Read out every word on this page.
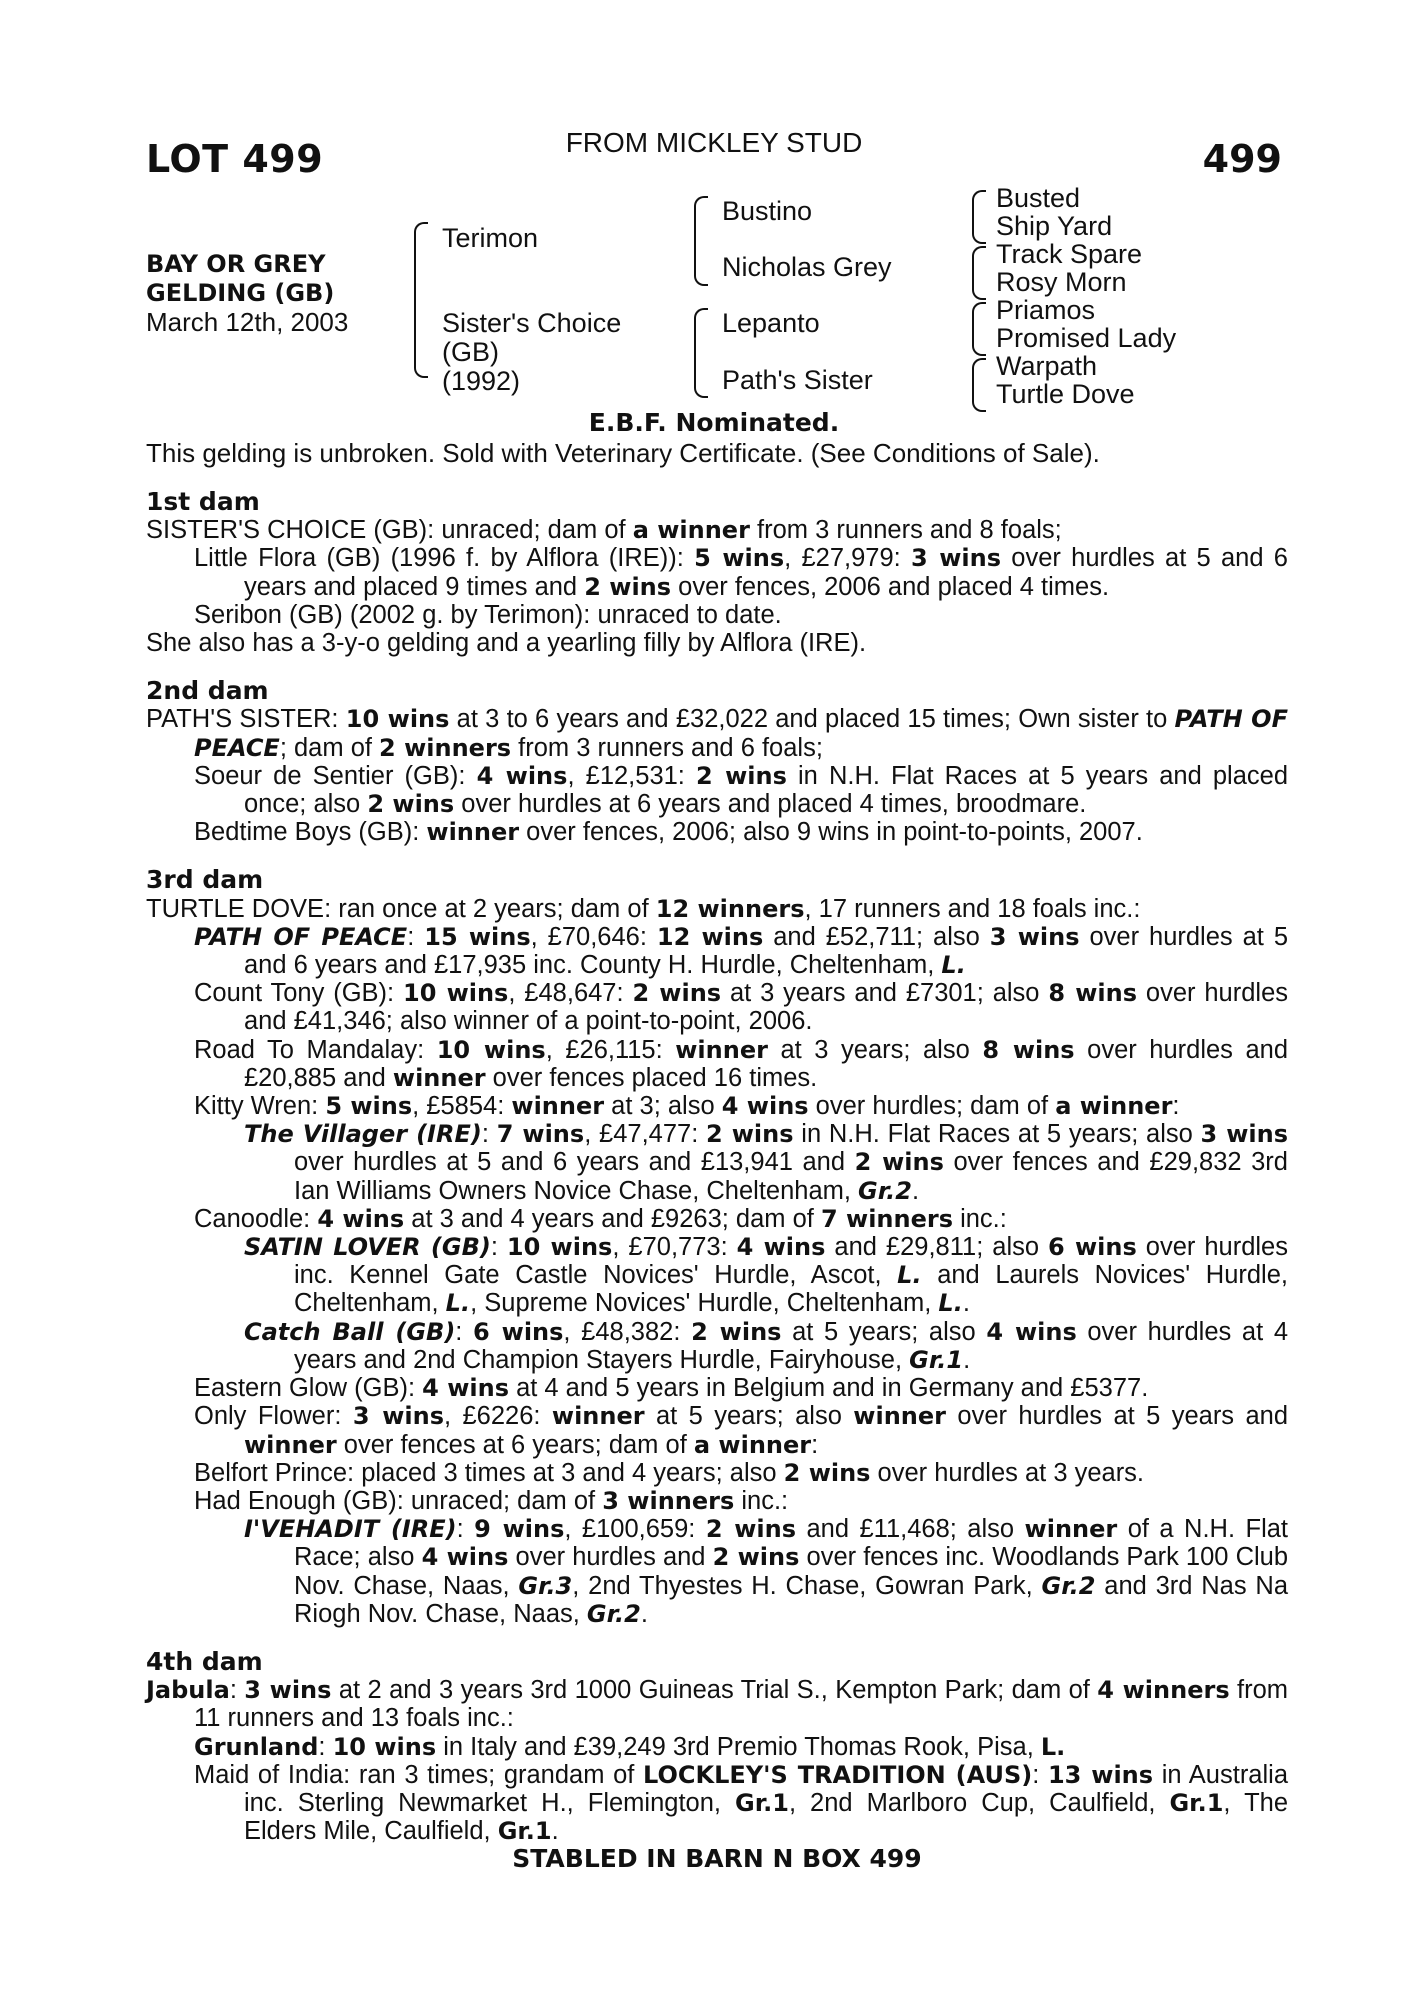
LOT 499	FROM MICKLEY STUD	499
BAY OR GREY
GELDING (GB)
March 12th, 2003
Terimon
Sister's Choice
(GB)
(1992)
Bustino
Nicholas Grey
Lepanto
Path's Sister
Busted
Ship Yard
Track Spare
Rosy Morn
Priamos
Promised Lady
Warpath
Turtle Dove
E.B.F. Nominated.
This gelding is unbroken. Sold with Veterinary Certificate. (See Conditions of Sale).
1st dam
SISTER'S CHOICE (GB): unraced; dam of a winner from 3 runners and 8 foals;
Little Flora (GB) (1996 f. by Alflora (IRE)): 5 wins, £27,979: 3 wins over hurdles at 5 and 6 years and placed 9 times and 2 wins over fences, 2006 and placed 4 times.
Seribon (GB) (2002 g. by Terimon): unraced to date.
She also has a 3-y-o gelding and a yearling filly by Alflora (IRE).
2nd dam
PATH'S SISTER: 10 wins at 3 to 6 years and £32,022 and placed 15 times; Own sister to PATH OF PEACE; dam of 2 winners from 3 runners and 6 foals;
Soeur de Sentier (GB): 4 wins, £12,531: 2 wins in N.H. Flat Races at 5 years and placed once; also 2 wins over hurdles at 6 years and placed 4 times, broodmare.
Bedtime Boys (GB): winner over fences, 2006; also 9 wins in point-to-points, 2007.
3rd dam
TURTLE DOVE: ran once at 2 years; dam of 12 winners, 17 runners and 18 foals inc.:
PATH OF PEACE: 15 wins, £70,646: 12 wins and £52,711; also 3 wins over hurdles at 5 and 6 years and £17,935 inc. County H. Hurdle, Cheltenham, L.
Count Tony (GB): 10 wins, £48,647: 2 wins at 3 years and £7301; also 8 wins over hurdles and £41,346; also winner of a point-to-point, 2006.
Road To Mandalay: 10 wins, £26,115: winner at 3 years; also 8 wins over hurdles and £20,885 and winner over fences placed 16 times.
Kitty Wren: 5 wins, £5854: winner at 3; also 4 wins over hurdles; dam of a winner:
The Villager (IRE): 7 wins, £47,477: 2 wins in N.H. Flat Races at 5 years; also 3 wins over hurdles at 5 and 6 years and £13,941 and 2 wins over fences and £29,832 3rd Ian Williams Owners Novice Chase, Cheltenham, Gr.2.
Canoodle: 4 wins at 3 and 4 years and £9263; dam of 7 winners inc.:
SATIN LOVER (GB): 10 wins, £70,773: 4 wins and £29,811; also 6 wins over hurdles inc. Kennel Gate Castle Novices' Hurdle, Ascot, L. and Laurels Novices' Hurdle, Cheltenham, L., Supreme Novices' Hurdle, Cheltenham, L..
Catch Ball (GB): 6 wins, £48,382: 2 wins at 5 years; also 4 wins over hurdles at 4 years and 2nd Champion Stayers Hurdle, Fairyhouse, Gr.1.
Eastern Glow (GB): 4 wins at 4 and 5 years in Belgium and in Germany and £5377.
Only Flower: 3 wins, £6226: winner at 5 years; also winner over hurdles at 5 years and winner over fences at 6 years; dam of a winner:
Belfort Prince: placed 3 times at 3 and 4 years; also 2 wins over hurdles at 3 years.
Had Enough (GB): unraced; dam of 3 winners inc.:
I'VEHADIT (IRE): 9 wins, £100,659: 2 wins and £11,468; also winner of a N.H. Flat Race; also 4 wins over hurdles and 2 wins over fences inc. Woodlands Park 100 Club Nov. Chase, Naas, Gr.3, 2nd Thyestes H. Chase, Gowran Park, Gr.2 and 3rd Nas Na Riogh Nov. Chase, Naas, Gr.2.
4th dam
Jabula: 3 wins at 2 and 3 years 3rd 1000 Guineas Trial S., Kempton Park; dam of 4 winners from 11 runners and 13 foals inc.:
Grunland: 10 wins in Italy and £39,249 3rd Premio Thomas Rook, Pisa, L.
Maid of India: ran 3 times; grandam of LOCKLEY'S TRADITION (AUS): 13 wins in Australia inc. Sterling Newmarket H., Flemington, Gr.1, 2nd Marlboro Cup, Caulfield, Gr.1, The Elders Mile, Caulfield, Gr.1.
STABLED IN BARN N BOX 499
